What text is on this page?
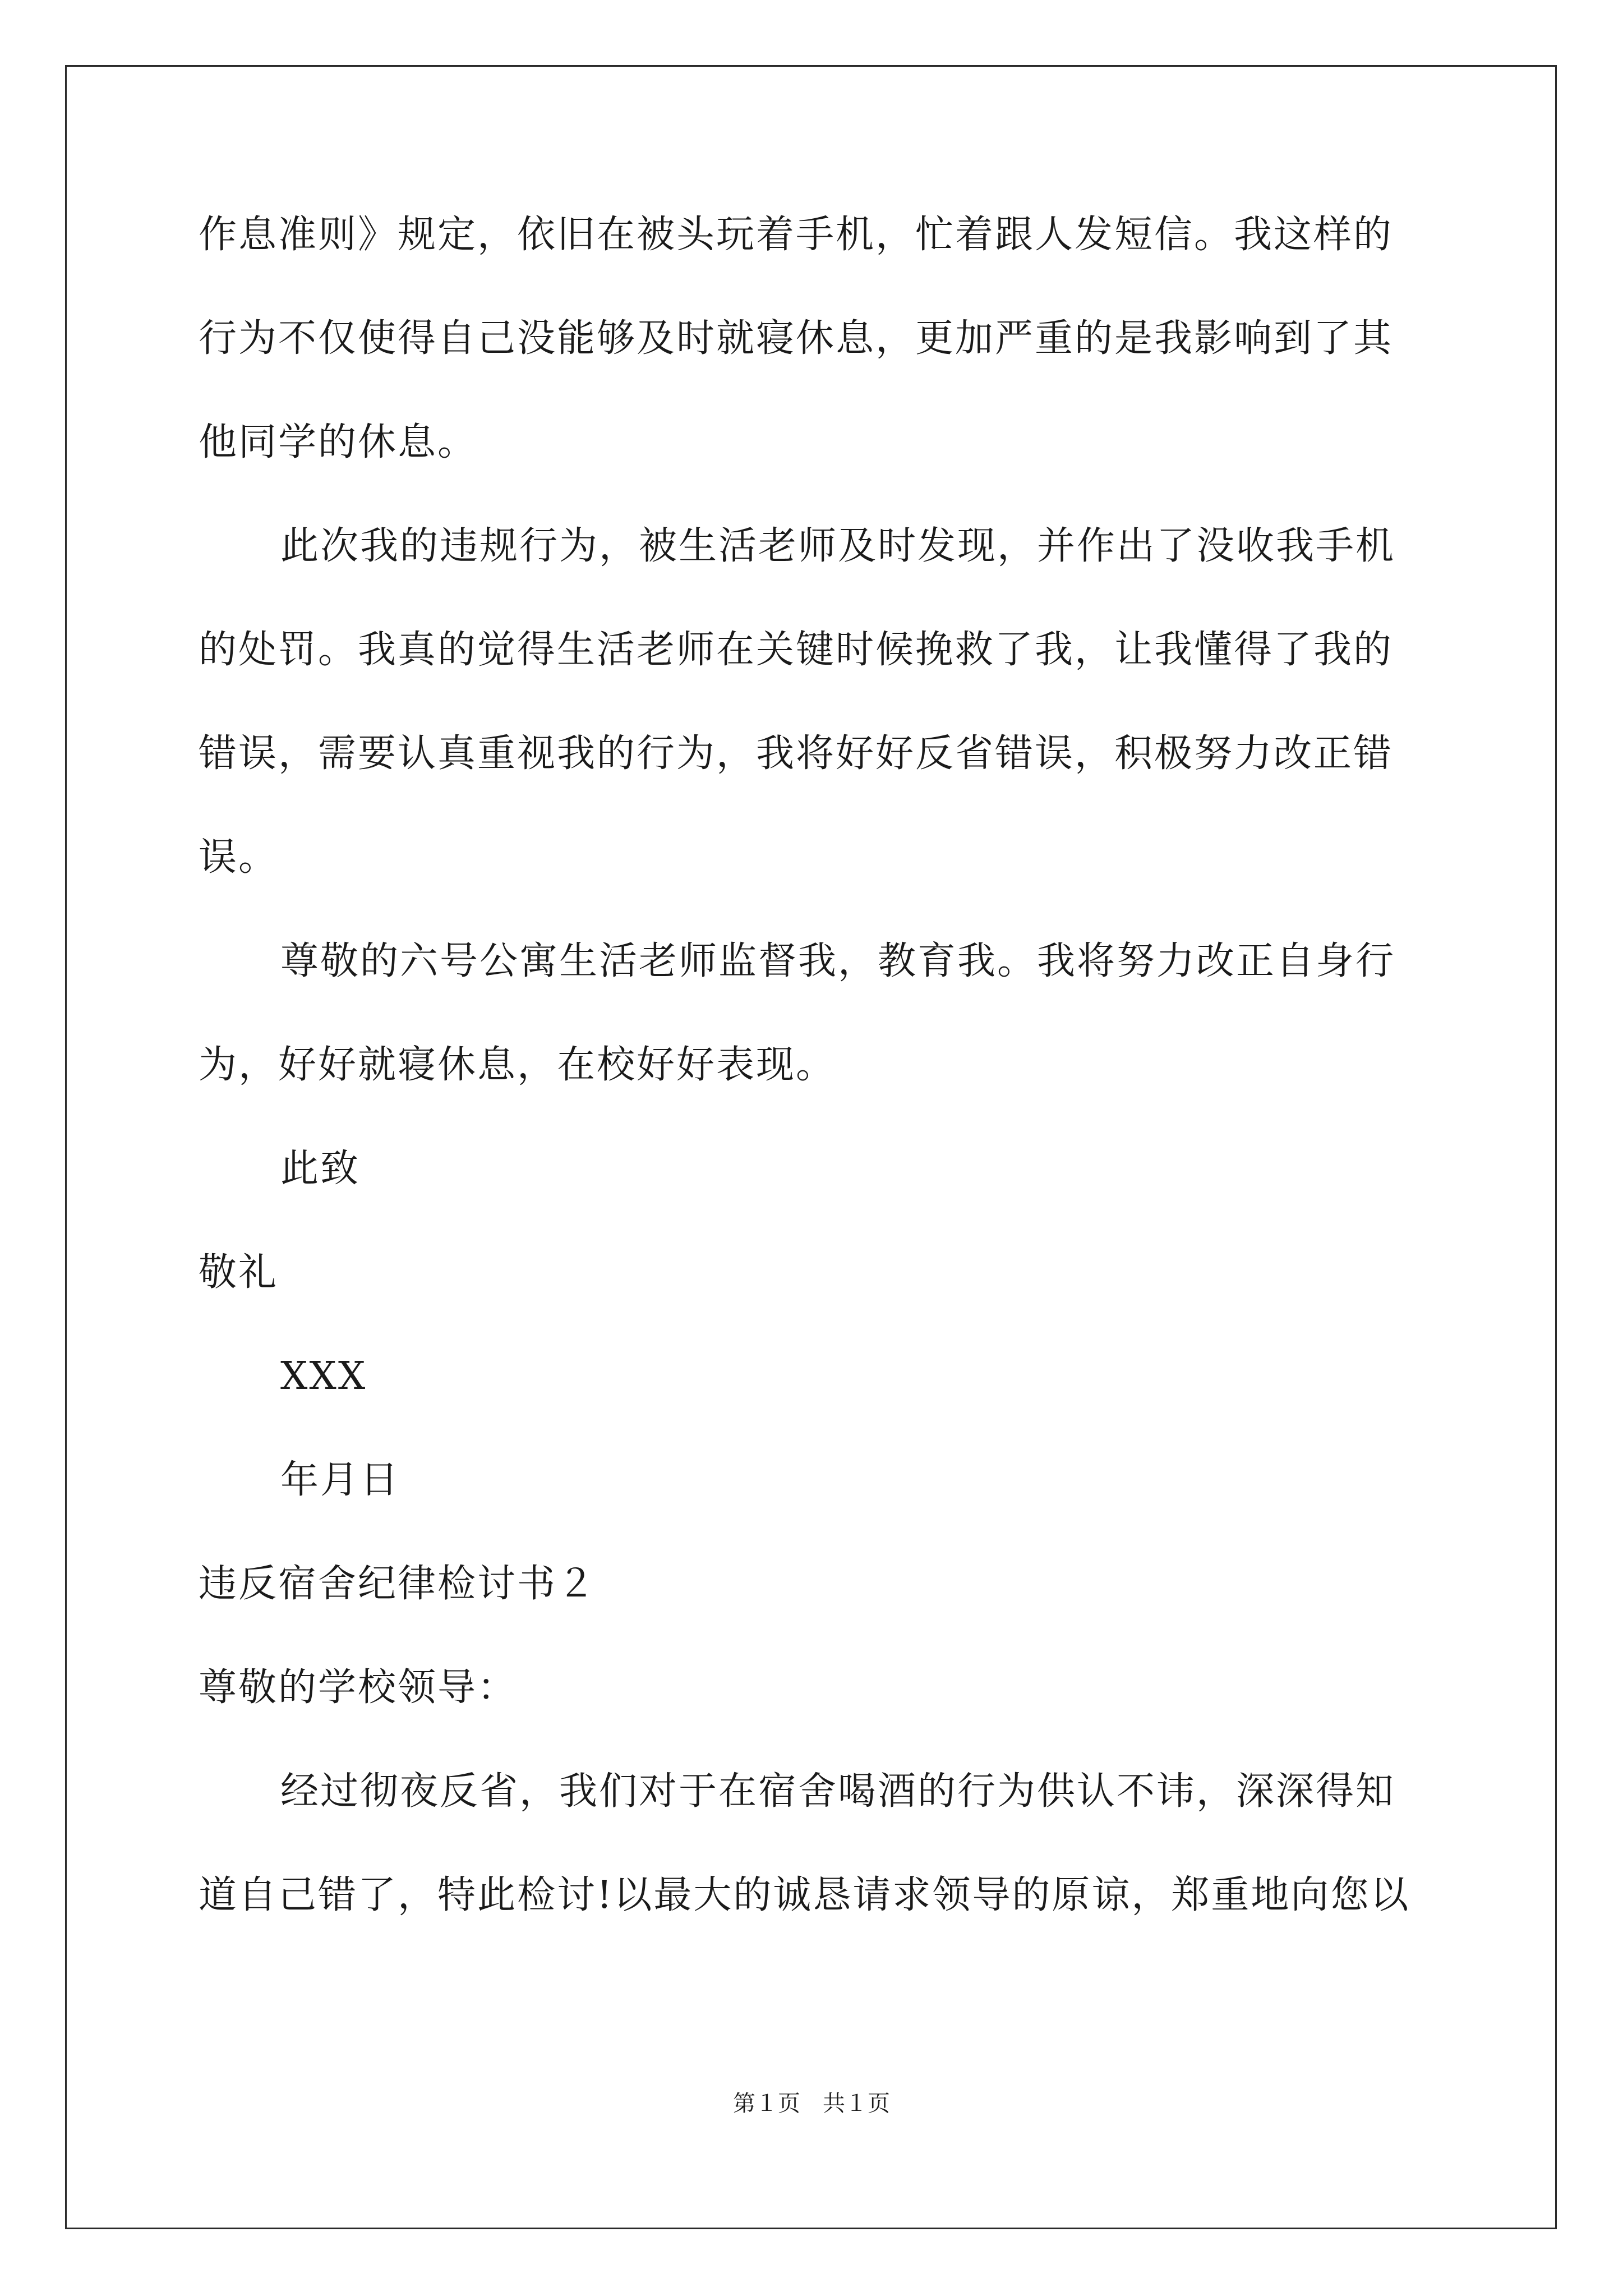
作息准则》规定，依旧在被头玩着手机，忙着跟人发短信。我这样的
行为不仅使得自己没能够及时就寝休息，更加严重的是我影响到了其
他同学的休息。
此次我的违规行为，被生活老师及时发现，并作出了没收我手机
的处罚。我真的觉得生活老师在关键时候挽救了我，让我懂得了我的
错误，需要认真重视我的行为，我将好好反省错误，积极努力改正错
误。
尊敬的六号公寓生活老师监督我，教育我。我将努力改正自身行
为，好好就寝休息，在校好好表现。
此致
敬礼
XXX
年月日
违反宿舍纪律检讨书２
尊敬的学校领导：
经过彻夜反省，我们对于在宿舍喝酒的行为供认不讳，深深得知
道自己错了，特此检讨!以最大的诚恳请求领导的原谅，郑重地向您以
第１页　共１页
